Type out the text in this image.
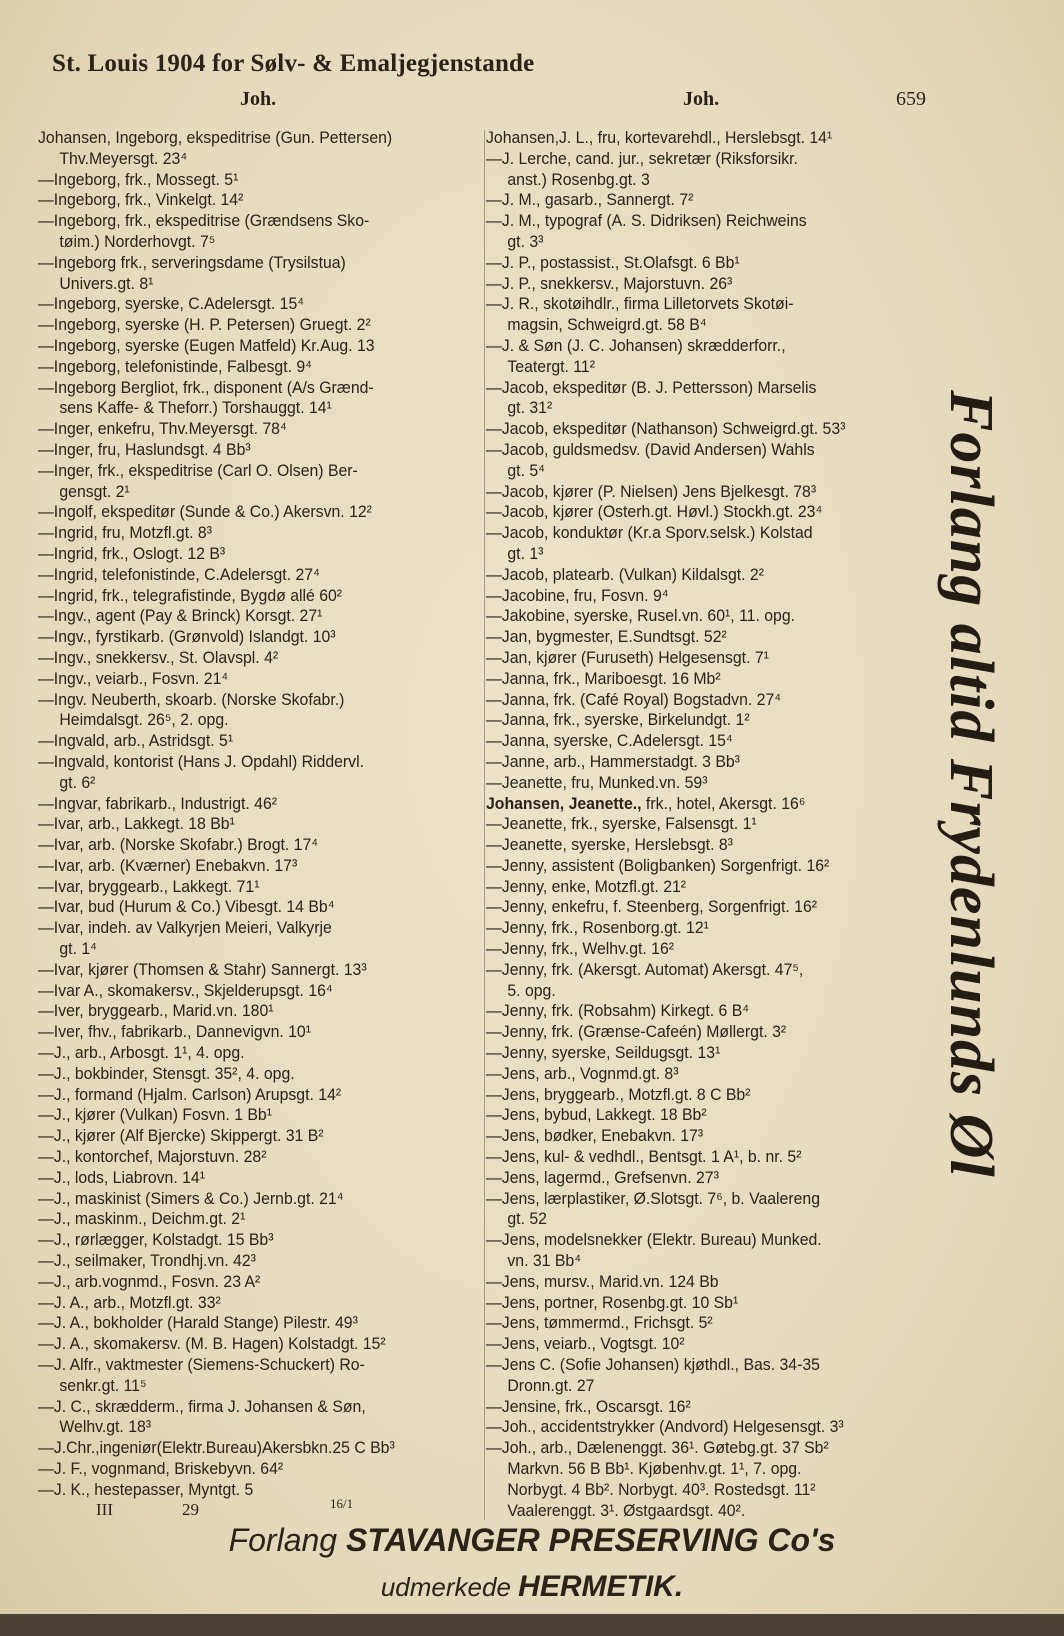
St. Louis 1904 for Sølv- & Emaljegjenstande
Joh.	Joh.	659
Johansen, Ingeborg, ekspeditrise (Gun. Pettersen)
Thv.Meyersgt. 23⁴
—Ingeborg, frk., Mossegt. 5¹
—Ingeborg, frk., Vinkelgt. 14²
—Ingeborg, frk., ekspeditrise (Grændsens Sko-
tøim.) Norderhovgt. 7⁵
—Ingeborg frk., serveringsdame (Trysilstua)
Univers.gt. 8¹
—Ingeborg, syerske, C.Adelersgt. 15⁴
—Ingeborg, syerske (H. P. Petersen) Gruegt. 2²
—Ingeborg, syerske (Eugen Matfeld) Kr.Aug. 13
—Ingeborg, telefonistinde, Falbesgt. 9⁴
—Ingeborg Bergliot, frk., disponent (A/s Grænd-
sens Kaffe- & Theforr.) Torshauggt. 14¹
—Inger, enkefru, Thv.Meyersgt. 78⁴
—Inger, fru, Haslundsgt. 4 Bb³
—Inger, frk., ekspeditrise (Carl O. Olsen) Ber-
gensgt. 2¹
—Ingolf, ekspeditør (Sunde & Co.) Akersvn. 12²
—Ingrid, fru, Motzfl.gt. 8³
—Ingrid, frk., Oslogt. 12 B³
—Ingrid, telefonistinde, C.Adelersgt. 27⁴
—Ingrid, frk., telegrafistinde, Bygdø allé 60²
—Ingv., agent (Pay & Brinck) Korsgt. 27¹
—Ingv., fyrstikarb. (Grønvold) Islandgt. 10³
—Ingv., snekkersv., St. Olavspl. 4²
—Ingv., veiarb., Fosvn. 21⁴
—Ingv. Neuberth, skoarb. (Norske Skofabr.)
Heimdalsgt. 26⁵, 2. opg.
—Ingvald, arb., Astridsgt. 5¹
—Ingvald, kontorist (Hans J. Opdahl) Riddervl.
gt. 6²
—Ingvar, fabrikarb., Industrigt. 46²
—Ivar, arb., Lakkegt. 18 Bb¹
—Ivar, arb. (Norske Skofabr.) Brogt. 17⁴
—Ivar, arb. (Kværner) Enebakvn. 17³
—Ivar, bryggearb., Lakkegt. 71¹
—Ivar, bud (Hurum & Co.) Vibesgt. 14 Bb⁴
—Ivar, indeh. av Valkyrjen Meieri, Valkyrje
gt. 1⁴
—Ivar, kjører (Thomsen & Stahr) Sannergt. 13³
—Ivar A., skomakersv., Skjelderupsgt. 16⁴
—Iver, bryggearb., Marid.vn. 180¹
—Iver, fhv., fabrikarb., Dannevigvn. 10¹
—J., arb., Arbosgt. 1¹, 4. opg.
—J., bokbinder, Stensgt. 35², 4. opg.
—J., formand (Hjalm. Carlson) Arupsgt. 14²
—J., kjører (Vulkan) Fosvn. 1 Bb¹
—J., kjører (Alf Bjercke) Skippergt. 31 B²
—J., kontorchef, Majorstuvn. 28²
—J., lods, Liabrovn. 14¹
—J., maskinist (Simers & Co.) Jernb.gt. 21⁴
—J., maskinm., Deichm.gt. 2¹
—J., rørlægger, Kolstadgt. 15 Bb³
—J., seilmaker, Trondhj.vn. 42³
—J., arb.vognmd., Fosvn. 23 A²
—J. A., arb., Motzfl.gt. 33²
—J. A., bokholder (Harald Stange) Pilestr. 49³
—J. A., skomakersv. (M. B. Hagen) Kolstadgt. 15²
—J. Alfr., vaktmester (Siemens-Schuckert) Ro-
senkr.gt. 11⁵
—J. C., skrædderm., firma J. Johansen & Søn,
Welhv.gt. 18³
—J.Chr.,ingeniør(Elektr.Bureau)Akersbkn.25 C Bb³
—J. F., vognmand, Briskebyvn. 64²
—J. K., hestepasser, Myntgt. 5
Johansen,J. L., fru, kortevarehdl., Herslebsgt. 14¹
—J. Lerche, cand. jur., sekretær (Riksforsikr.
anst.) Rosenbg.gt. 3
—J. M., gasarb., Sannergt. 7²
—J. M., typograf (A. S. Didriksen) Reichweins
gt. 3³
—J. P., postassist., St.Olafsgt. 6 Bb¹
—J. P., snekkersv., Majorstuvn. 26³
—J. R., skotøihdlr., firma Lilletorvets Skotøi-
magsin, Schweigrd.gt. 58 B⁴
—J. & Søn (J. C. Johansen) skrædderforr.,
Teatergt. 11²
—Jacob, ekspeditør (B. J. Pettersson) Marselis
gt. 31²
—Jacob, ekspeditør (Nathanson) Schweigrd.gt. 53³
—Jacob, guldsmedsv. (David Andersen) Wahls
gt. 5⁴
—Jacob, kjører (P. Nielsen) Jens Bjelkesgt. 78³
—Jacob, kjører (Osterh.gt. Høvl.) Stockh.gt. 23⁴
—Jacob, konduktør (Kr.a Sporv.selsk.) Kolstad
gt. 1³
—Jacob, platearb. (Vulkan) Kildalsgt. 2²
—Jacobine, fru, Fosvn. 9⁴
—Jakobine, syerske, Rusel.vn. 60¹, 11. opg.
—Jan, bygmester, E.Sundtsgt. 52²
—Jan, kjører (Furuseth) Helgesensgt. 7¹
—Janna, frk., Mariboesgt. 16 Mb²
—Janna, frk. (Café Royal) Bogstadvn. 27⁴
—Janna, frk., syerske, Birkelundgt. 1²
—Janna, syerske, C.Adelersgt. 15⁴
—Janne, arb., Hammerstadgt. 3 Bb³
—Jeanette, fru, Munked.vn. 59³
Johansen, Jeanette., frk., hotel, Akersgt. 16⁶
—Jeanette, frk., syerske, Falsensgt. 1¹
—Jeanette, syerske, Herslebsgt. 8³
—Jenny, assistent (Boligbanken) Sorgenfrigt. 16²
—Jenny, enke, Motzfl.gt. 21²
—Jenny, enkefru, f. Steenberg, Sorgenfrigt. 16²
—Jenny, frk., Rosenborg.gt. 12¹
—Jenny, frk., Welhv.gt. 16²
—Jenny, frk. (Akersgt. Automat) Akersgt. 47⁵,
5. opg.
—Jenny, frk. (Robsahm) Kirkegt. 6 B⁴
—Jenny, frk. (Grænse-Cafeén) Møllergt. 3²
—Jenny, syerske, Seildugsgt. 13¹
—Jens, arb., Vognmd.gt. 8³
—Jens, bryggearb., Motzfl.gt. 8 C Bb²
—Jens, bybud, Lakkegt. 18 Bb²
—Jens, bødker, Enebakvn. 17³
—Jens, kul- & vedhdl., Bentsgt. 1 A¹, b. nr. 5²
—Jens, lagermd., Grefsenvn. 27³
—Jens, lærplastiker, Ø.Slotsgt. 7⁶, b. Vaalereng
gt. 52
—Jens, modelsnekker (Elektr. Bureau) Munked.
vn. 31 Bb⁴
—Jens, mursv., Marid.vn. 124 Bb
—Jens, portner, Rosenbg.gt. 10 Sb¹
—Jens, tømmermd., Frichsgt. 5²
—Jens, veiarb., Vogtsgt. 10²
—Jens C. (Sofie Johansen) kjøthdl., Bas. 34-35
Dronn.gt. 27
—Jensine, frk., Oscarsgt. 16²
—Joh., accidentstrykker (Andvord) Helgesensgt. 3³
—Joh., arb., Dælenenggt. 36¹. Gøtebg.gt. 37 Sb²
Markvn. 56 B Bb¹. Kjøbenhv.gt. 1¹, 7. opg.
Norbygt. 4 Bb². Norbygt. 40³. Rostedsgt. 11²
Vaalerenggt. 3¹. Østgaardsgt. 40².
III	29	16/1
Forlang altid Frydenlunds Øl
Forlang STAVANGER PRESERVING Co's
udmerkede HERMETIK.
